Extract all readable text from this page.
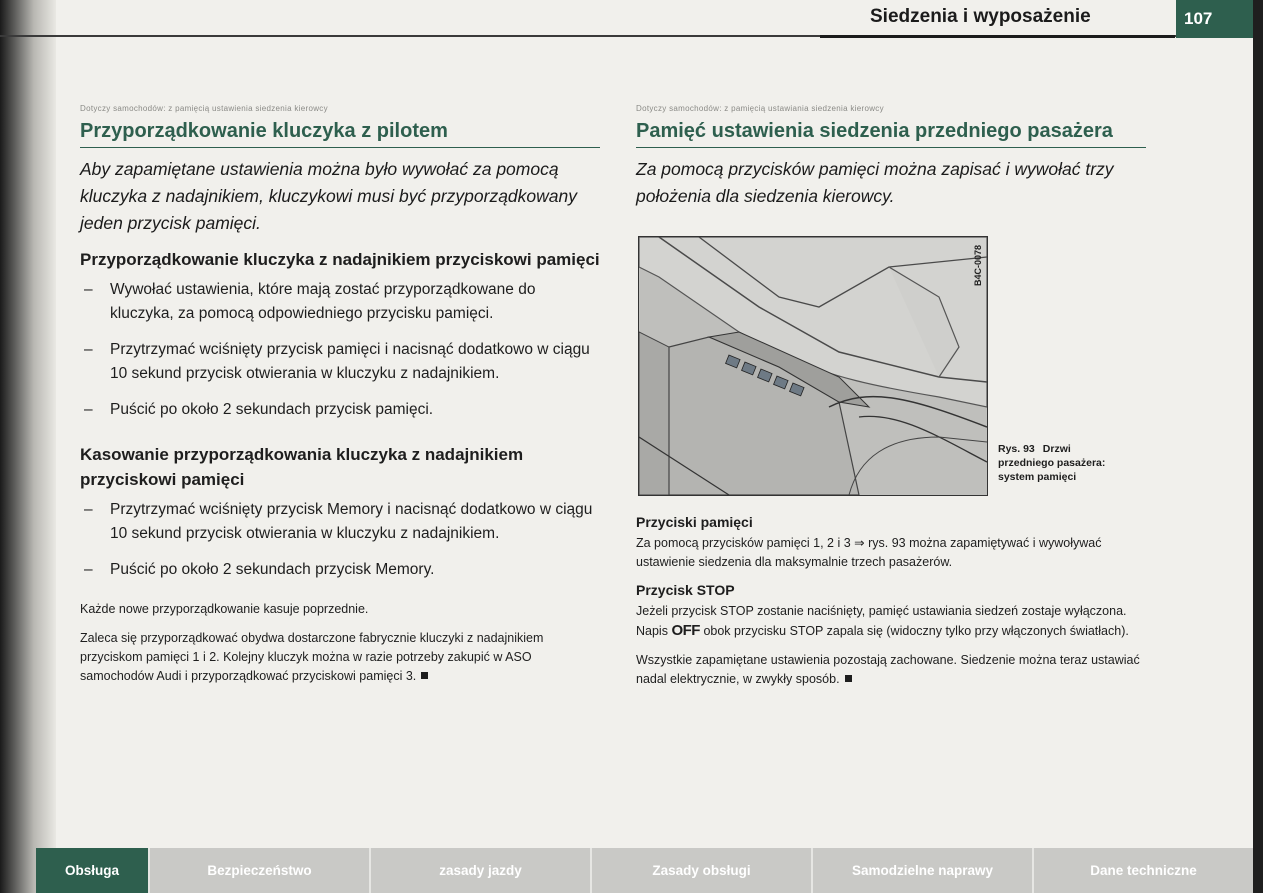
Siedzenia i wyposażenie	107
Dotyczy samochodów: z pamięcią ustawienia siedzenia kierowcy
Przyporządkowanie kluczyka z pilotem

Aby zapamiętane ustawienia można było wywołać za pomocą kluczyka z nadajnikiem, kluczykowi musi być przyporządkowany jeden przycisk pamięci.

Przyporządkowanie kluczyka z nadajnikiem przyciskowi pamięci
– Wywołać ustawienia, które mają zostać przyporządkowane do kluczyka, za pomocą odpowiedniego przycisku pamięci.
– Przytrzymać wciśnięty przycisk pamięci i nacisnąć dodatkowo w ciągu 10 sekund przycisk otwierania w kluczyku z nadajnikiem.
– Puścić po około 2 sekundach przycisk pamięci.
Kasowanie przyporządkowania kluczyka z nadajnikiem przyciskowi pamięci
– Przytrzymać wciśnięty przycisk Memory i nacisnąć dodatkowo w ciągu 10 sekund przycisk otwierania w kluczyku z nadajnikiem.
– Puścić po około 2 sekundach przycisk Memory.

Każde nowe przyporządkowanie kasuje poprzednie.

Zaleca się przyporządkować obydwa dostarczone fabrycznie kluczyki z nadajnikiem przyciskom pamięci 1 i 2. Kolejny kluczyk można w razie potrzeby zakupić w ASO samochodów Audi i przyporządkować przyciskowi pamięci 3.

Dotyczy samochodów: z pamięcią ustawiania siedzenia kierowcy
Pamięć ustawienia siedzenia przedniego pasażera

Za pomocą przycisków pamięci można zapisać i wywołać trzy położenia dla siedzenia kierowcy.

B4C-0078
Rys. 93 Drzwi przedniego pasażera: system pamięci
Przyciski pamięci

Za pomocą przycisków pamięci 1, 2 i 3 ⇒ rys. 93 można zapamiętywać i wywoływać ustawienie siedzenia dla maksymalnie trzech pasażerów.

Przycisk STOP

Jeżeli przycisk STOP zostanie naciśnięty, pamięć ustawiania siedzeń zostaje wyłączona. Napis OFF obok przycisku STOP zapala się (widoczny tylko przy włączonych światłach).

Wszystkie zapamiętane ustawienia pozostają zachowane. Siedzenie można teraz ustawiać nadal elektrycznie, w zwykły sposób.

Obsługa	Bezpieczeństwo	zasady jazdy	Zasady obsługi	Samodzielne naprawy	Dane techniczne
